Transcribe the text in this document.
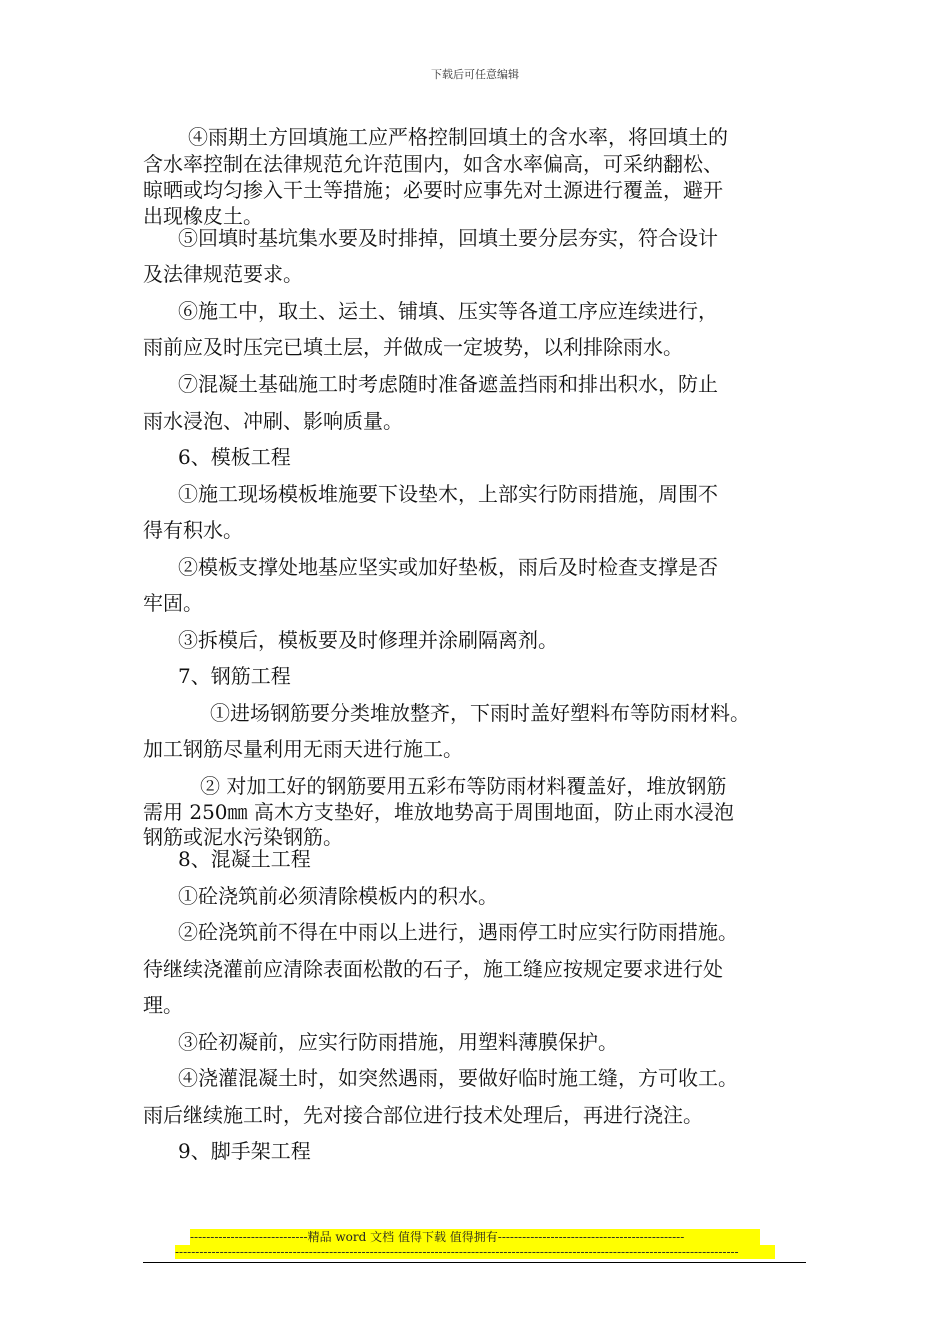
下载后可任意编辑
④雨期土方回填施工应严格控制回填土的含水率，将回填土的
含水率控制在法律规范允许范围内，如含水率偏高，可采纳翻松、
晾晒或均匀掺入干土等措施；必要时应事先对土源进行覆盖，避开
出现橡皮土。
⑤回填时基坑集水要及时排掉，回填土要分层夯实，符合设计
及法律规范要求。
⑥施工中，取土、运土、铺填、压实等各道工序应连续进行，
雨前应及时压完已填土层，并做成一定坡势，以利排除雨水。
⑦混凝土基础施工时考虑随时准备遮盖挡雨和排出积水，防止
雨水浸泡、冲刷、影响质量。
6、模板工程
①施工现场模板堆施要下设垫木，上部实行防雨措施，周围不
得有积水。
②模板支撑处地基应坚实或加好垫板，雨后及时检查支撑是否
牢固。
③拆模后，模板要及时修理并涂刷隔离剂。
7、钢筋工程
①进场钢筋要分类堆放整齐，下雨时盖好塑料布等防雨材料。
加工钢筋尽量利用无雨天进行施工。
② 对加工好的钢筋要用五彩布等防雨材料覆盖好，堆放钢筋
需用 250㎜ 高木方支垫好，堆放地势高于周围地面，防止雨水浸泡
钢筋或泥水污染钢筋。
8、混凝土工程
①砼浇筑前必须清除模板内的积水。
②砼浇筑前不得在中雨以上进行，遇雨停工时应实行防雨措施。
待继续浇灌前应清除表面松散的石子，施工缝应按规定要求进行处
理。
③砼初凝前，应实行防雨措施，用塑料薄膜保护。
④浇灌混凝土时，如突然遇雨，要做好临时施工缝，方可收工。
雨后继续施工时，先对接合部位进行技术处理后，再进行浇注。
9、脚手架工程
-----------------------------精品 word 文档 值得下载 值得拥有----------------------------------------------
-------------------------------------------------------------------------------------------------------------------------------------------
